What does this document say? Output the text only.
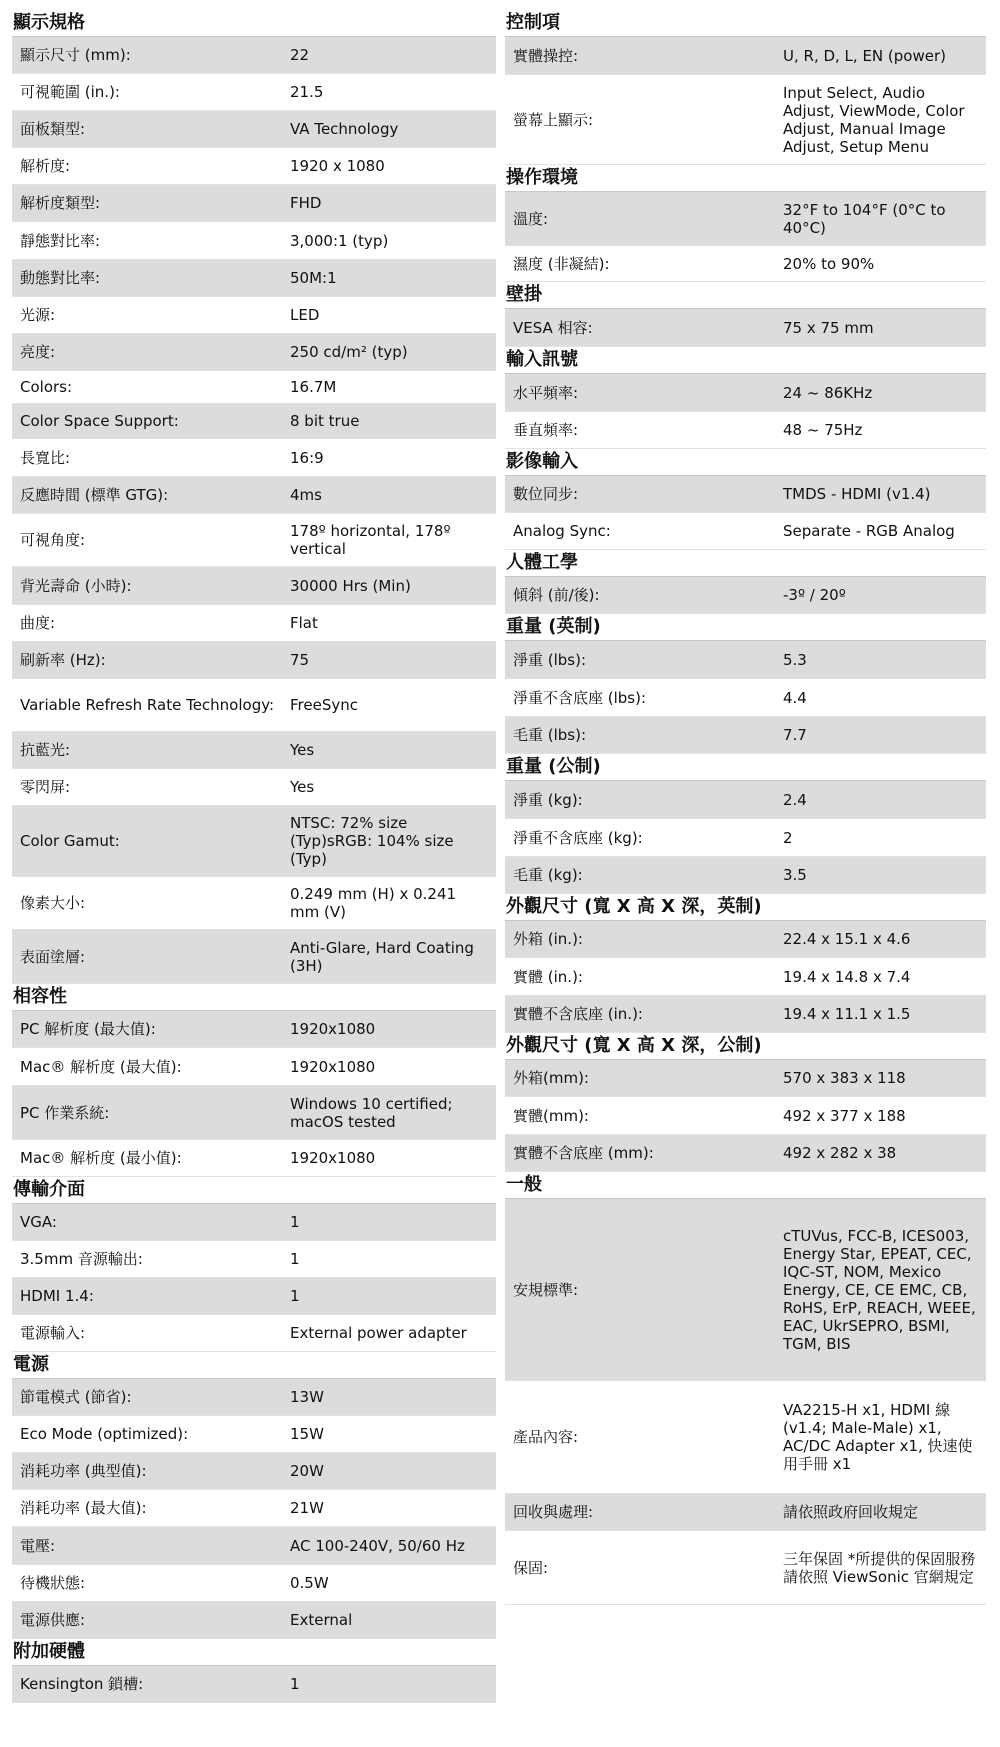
顯示規格
顯示尺寸 (mm):	22
可視範圍 (in.):	21.5
面板類型:	VA Technology
解析度:	1920 x 1080
解析度類型:	FHD
靜態對比率:	3,000:1 (typ)
動態對比率:	50M:1
光源:	LED
亮度:	250 cd/m² (typ)
Colors:	16.7M
Color Space Support:	8 bit true
長寬比:	16:9
反應時間 (標準 GTG):	4ms
可視角度:	178º horizontal, 178º vertical
背光壽命 (小時):	30000 Hrs (Min)
曲度:	Flat
刷新率 (Hz):	75
Variable Refresh Rate Technology:	FreeSync
抗藍光:	Yes
零閃屏:	Yes
Color Gamut:
NTSC: 72% size (Typ)sRGB: 104% size (Typ)
像素大小:	0.249 mm (H) x 0.241 mm (V)
表面塗層:	Anti-Glare, Hard Coating (3H)
相容性
PC 解析度 (最大值):	1920x1080
Mac® 解析度 (最大值):	1920x1080
PC 作業系統:	Windows 10 certified; macOS tested
Mac® 解析度 (最小值):	1920x1080
傳輸介面
VGA:	1
3.5mm 音源輸出:	1
HDMI 1.4:	1
電源輸入:	External power adapter
電源
節電模式 (節省):	13W
Eco Mode (optimized):	15W
消耗功率 (典型值):	20W
消耗功率 (最大值):	21W
電壓:	AC 100-240V, 50/60 Hz
待機狀態:	0.5W
電源供應:	External
附加硬體
Kensington 鎖槽:	1
控制項
實體操控:	U, R, D, L, EN (power)
螢幕上顯示:
Input Select, Audio Adjust, ViewMode, Color Adjust, Manual Image Adjust, Setup Menu
操作環境
溫度:	32°F to 104°F (0°C to 40°C)
濕度 (非凝結):	20% to 90%
壁掛
VESA 相容:	75 x 75 mm
輸入訊號
水平頻率:	24 ~ 86KHz
垂直頻率:	48 ~ 75Hz
影像輸入
數位同步:	TMDS - HDMI (v1.4)
Analog Sync:	Separate - RGB Analog
人體工學
傾斜 (前/後):	-3º / 20º
重量 (英制)
淨重 (lbs):	5.3
淨重不含底座 (lbs):	4.4
毛重 (lbs):	7.7
重量 (公制)
淨重 (kg):	2.4
淨重不含底座 (kg):	2
毛重 (kg):	3.5
外觀尺寸 (寬 X 高 X 深，英制)
外箱 (in.):	22.4 x 15.1 x 4.6
實體 (in.):	19.4 x 14.8 x 7.4
實體不含底座 (in.):	19.4 x 11.1 x 1.5
外觀尺寸 (寬 X 高 X 深，公制)
外箱(mm):	570 x 383 x 118
實體(mm):	492 x 377 x 188
實體不含底座 (mm):	492 x 282 x 38
一般
安規標準:
cTUVus, FCC-B, ICES003, Energy Star, EPEAT, CEC, IQC-ST, NOM, Mexico Energy, CE, CE EMC, CB, RoHS, ErP, REACH, WEEE, EAC, UkrSEPRO, BSMI, TGM, BIS
產品內容:
VA2215-H x1, HDMI 線 (v1.4; Male-Male) x1, AC/DC Adapter x1, 快速使用手冊 x1
回收與處理:	請依照政府回收規定
保固:	三年保固 *所提供的保固服務請依照 ViewSonic 官網規定
